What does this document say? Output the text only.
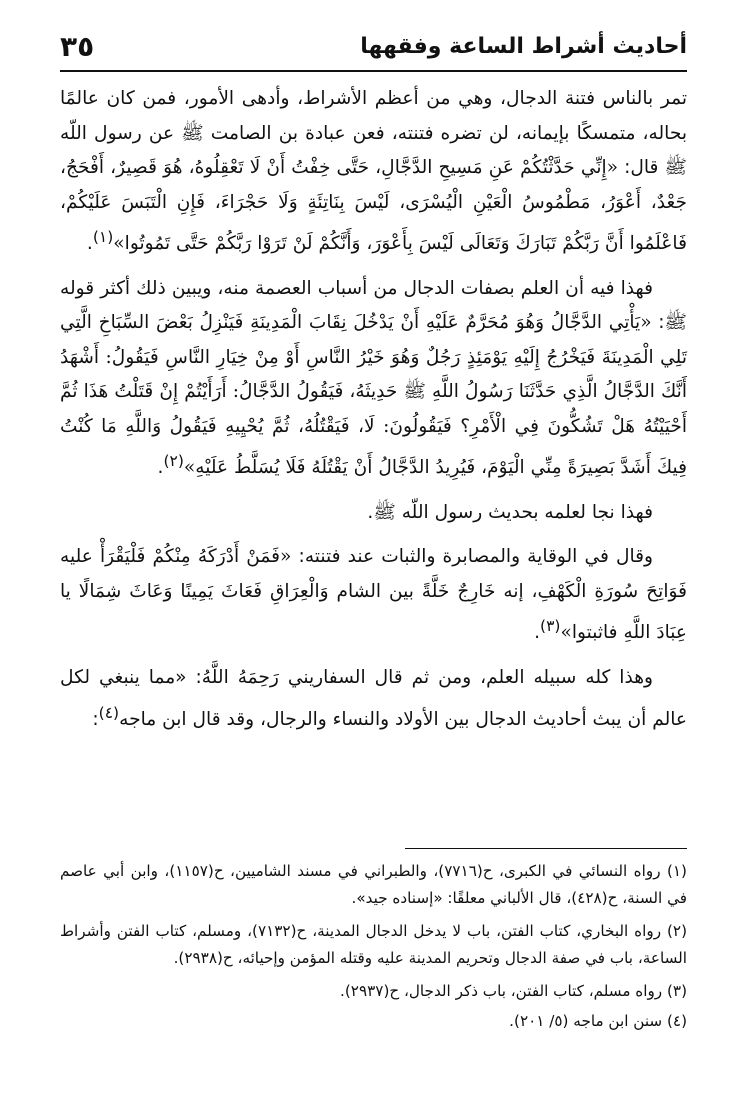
أحاديث أشراط الساعة وفقهها
٣٥

تمر بالناس فتنة الدجال، وهي من أعظم الأشراط، وأدهى الأمور، فمن كان عالمًا بحاله، متمسكًا بإيمانه، لن تضره فتنته، فعن عبادة بن الصامت ﷺ عن رسول اللّه ﷺ قال: «إِنِّي حَدَّثْتُكُمْ عَنِ مَسِيحِ الدَّجَّالِ، حَتَّى خِفْتُ أَنْ لَا تَعْقِلُوهُ، هُوَ قَصِيرٌ، أَفْحَجُ، جَعْدٌ، أَعْوَرُ، مَطْمُوسُ الْعَيْنِ الْيُسْرَى، لَيْسَ بِنَاتِئَةٍ وَلَا حَجْرَاءَ، فَإِنِ الْتَبَسَ عَلَيْكُمْ، فَاعْلَمُوا أَنَّ رَبَّكُمْ تَبَارَكَ وَتَعَالَى لَيْسَ بِأَعْوَرَ، وَأَنَّكُمْ لَنْ تَرَوْا رَبَّكُمْ حَتَّى تَمُوتُوا»$^{(١)}$.

فهذا فيه أن العلم بصفات الدجال من أسباب العصمة منه، ويبين ذلك أكثر قوله ﷺ: «يَأْتِي الدَّجَّالُ وَهُوَ مُحَرَّمٌ عَلَيْهِ أَنْ يَدْخُلَ نِقَابَ الْمَدِينَةِ فَيَنْزِلُ بَعْضَ السِّبَاخِ الَّتِي تَلِي الْمَدِينَةَ فَيَخْرُجُ إِلَيْهِ يَوْمَئِذٍ رَجُلٌ وَهُوَ خَيْرُ النَّاسِ أَوْ مِنْ خِيَارِ النَّاسِ فَيَقُولُ: أَشْهَدُ أَنَّكَ الدَّجَّالُ الَّذِي حَدَّثَنَا رَسُولُ اللَّهِ ﷺ حَدِيثَهُ، فَيَقُولُ الدَّجَّالُ: أَرَأَيْتُمْ إِنْ قَتَلْتُ هَذَا ثُمَّ أَحْيَيْتُهُ هَلْ تَشُكُّونَ فِي الْأَمْرِ؟ فَيَقُولُونَ: لَا، فَيَقْتُلُهُ، ثُمَّ يُحْيِيهِ فَيَقُولُ وَاللَّهِ مَا كُنْتُ فِيكَ أَشَدَّ بَصِيرَةً مِنِّي الْيَوْمَ، فَيُرِيدُ الدَّجَّالُ أَنْ يَقْتُلَهُ فَلَا يُسَلَّطُ عَلَيْهِ»$^{(٢)}$.

فهذا نجا لعلمه بحديث رسول اللّه ﷺ.

وقال في الوقاية والمصابرة والثبات عند فتنته: «فَمَنْ أَدْرَكَهُ مِنْكُمْ فَلْيَقْرَأْ عليه فَوَاتِحَ سُورَةِ الْكَهْفِ، إنه خَارِجٌ خَلَّةً بين الشام وَالْعِرَاقِ فَعَاثَ يَمِينًا وَعَاثَ شِمَالًا يا عِبَادَ اللَّهِ فاثبتوا»$^{(٣)}$.

وهذا كله سبيله العلم، ومن ثم قال السفاريني رَحِمَهُ اللَّهُ: «مما ينبغي لكل عالم أن يبث أحاديث الدجال بين الأولاد والنساء والرجال، وقد قال ابن ماجه$^{(٤)}$:

(١) رواه النسائي في الكبرى، ح(٧٧١٦)، والطبراني في مسند الشاميين، ح(١١٥٧)، وابن أبي عاصم في السنة، ح(٤٢٨)، قال الألباني معلقًا: «إسناده جيد».

(٢) رواه البخاري، كتاب الفتن، باب لا يدخل الدجال المدينة، ح(٧١٣٢)، ومسلم، كتاب الفتن وأشراط الساعة، باب في صفة الدجال وتحريم المدينة عليه وقتله المؤمن وإحيائه، ح(٢٩٣٨).

(٣) رواه مسلم، كتاب الفتن، باب ذكر الدجال، ح(٢٩٣٧).

(٤) سنن ابن ماجه (٥/ ٢٠١).
